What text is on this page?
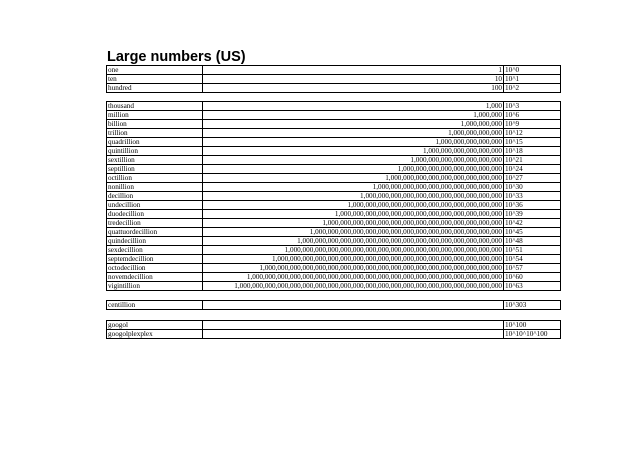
Large numbers (US)
one	1	10^0
ten	10	10^1
hundred	100	10^2
thousand	1,000	10^3
million	1,000,000	10^6
billion	1,000,000,000	10^9
trillion	1,000,000,000,000	10^12
quadrillion	1,000,000,000,000,000	10^15
quintillion	1,000,000,000,000,000,000	10^18
sextillion	1,000,000,000,000,000,000,000	10^21
septillion	1,000,000,000,000,000,000,000,000	10^24
octillion	1,000,000,000,000,000,000,000,000,000	10^27
nonillion	1,000,000,000,000,000,000,000,000,000,000	10^30
decillion	1,000,000,000,000,000,000,000,000,000,000,000	10^33
undecillion	1,000,000,000,000,000,000,000,000,000,000,000,000	10^36
duodecillion	1,000,000,000,000,000,000,000,000,000,000,000,000,000	10^39
tredecillion	1,000,000,000,000,000,000,000,000,000,000,000,000,000,000	10^42
quattuordecillion	1,000,000,000,000,000,000,000,000,000,000,000,000,000,000,000	10^45
quindecillion	1,000,000,000,000,000,000,000,000,000,000,000,000,000,000,000,000	10^48
sexdecillion	1,000,000,000,000,000,000,000,000,000,000,000,000,000,000,000,000,000	10^51
septemdecillion	1,000,000,000,000,000,000,000,000,000,000,000,000,000,000,000,000,000,000	10^54
octodecillion	1,000,000,000,000,000,000,000,000,000,000,000,000,000,000,000,000,000,000,000	10^57
novemdecillion	1,000,000,000,000,000,000,000,000,000,000,000,000,000,000,000,000,000,000,000,000	10^60
vigintillion	1,000,000,000,000,000,000,000,000,000,000,000,000,000,000,000,000,000,000,000,000,000	10^63
centillion		10^303
googol		10^100
googolplexplex		10^10^10^100
